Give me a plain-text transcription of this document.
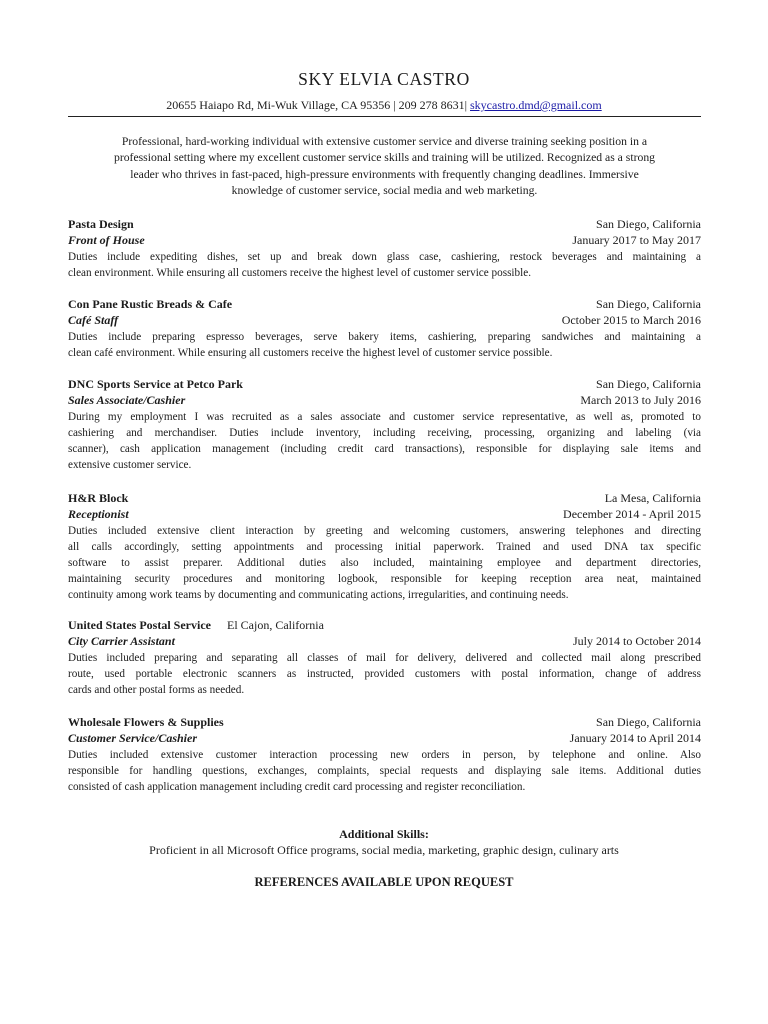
SKY ELVIA CASTRO
20655 Haiapo Rd, Mi-Wuk Village, CA 95356 | 209 278 8631| skycastro.dmd@gmail.com
Professional, hard-working individual with extensive customer service and diverse training seeking position in a
professional setting where my excellent customer service skills and training will be utilized. Recognized as a strong
leader who thrives in fast-paced, high-pressure environments with frequently changing deadlines. Immersive
knowledge of customer service, social media and web marketing.
Pasta Design	San Diego, California
Front of House	January 2017 to May 2017
Duties include expediting dishes, set up and break down glass case, cashiering, restock beverages and maintaining a
clean environment. While ensuring all customers receive the highest level of customer service possible.
Con Pane Rustic Breads & Cafe	San Diego, California
Café Staff	October 2015 to March 2016
Duties include preparing espresso beverages, serve bakery items, cashiering, preparing sandwiches and maintaining a
clean café environment. While ensuring all customers receive the highest level of customer service possible.
DNC Sports Service at Petco Park	San Diego, California
Sales Associate/Cashier	March 2013 to July 2016
During my employment I was recruited as a sales associate and customer service representative, as well as, promoted to
cashiering and merchandiser. Duties include inventory, including receiving, processing, organizing and labeling (via
scanner), cash application management (including credit card transactions), responsible for displaying sale items and
extensive customer service.
H&R Block	La Mesa, California
Receptionist	December 2014 - April 2015
Duties included extensive client interaction by greeting and welcoming customers, answering telephones and directing
all calls accordingly, setting appointments and processing initial paperwork. Trained and used DNA tax specific
software to assist preparer. Additional duties also included, maintaining employee and department directories,
maintaining security procedures and monitoring logbook, responsible for keeping reception area neat, maintained
continuity among work teams by documenting and communicating actions, irregularities, and continuing needs.
United States Postal Service El Cajon, California
City Carrier Assistant	July 2014 to October 2014
Duties included preparing and separating all classes of mail for delivery, delivered and collected mail along prescribed
route, used portable electronic scanners as instructed, provided customers with postal information, change of address
cards and other postal forms as needed.
Wholesale Flowers & Supplies	San Diego, California
Customer Service/Cashier	January 2014 to April 2014
Duties included extensive customer interaction processing new orders in person, by telephone and online. Also
responsible for handling questions, exchanges, complaints, special requests and displaying sale items. Additional duties
consisted of cash application management including credit card processing and register reconciliation.
Additional Skills:
Proficient in all Microsoft Office programs, social media, marketing, graphic design, culinary arts
REFERENCES AVAILABLE UPON REQUEST
